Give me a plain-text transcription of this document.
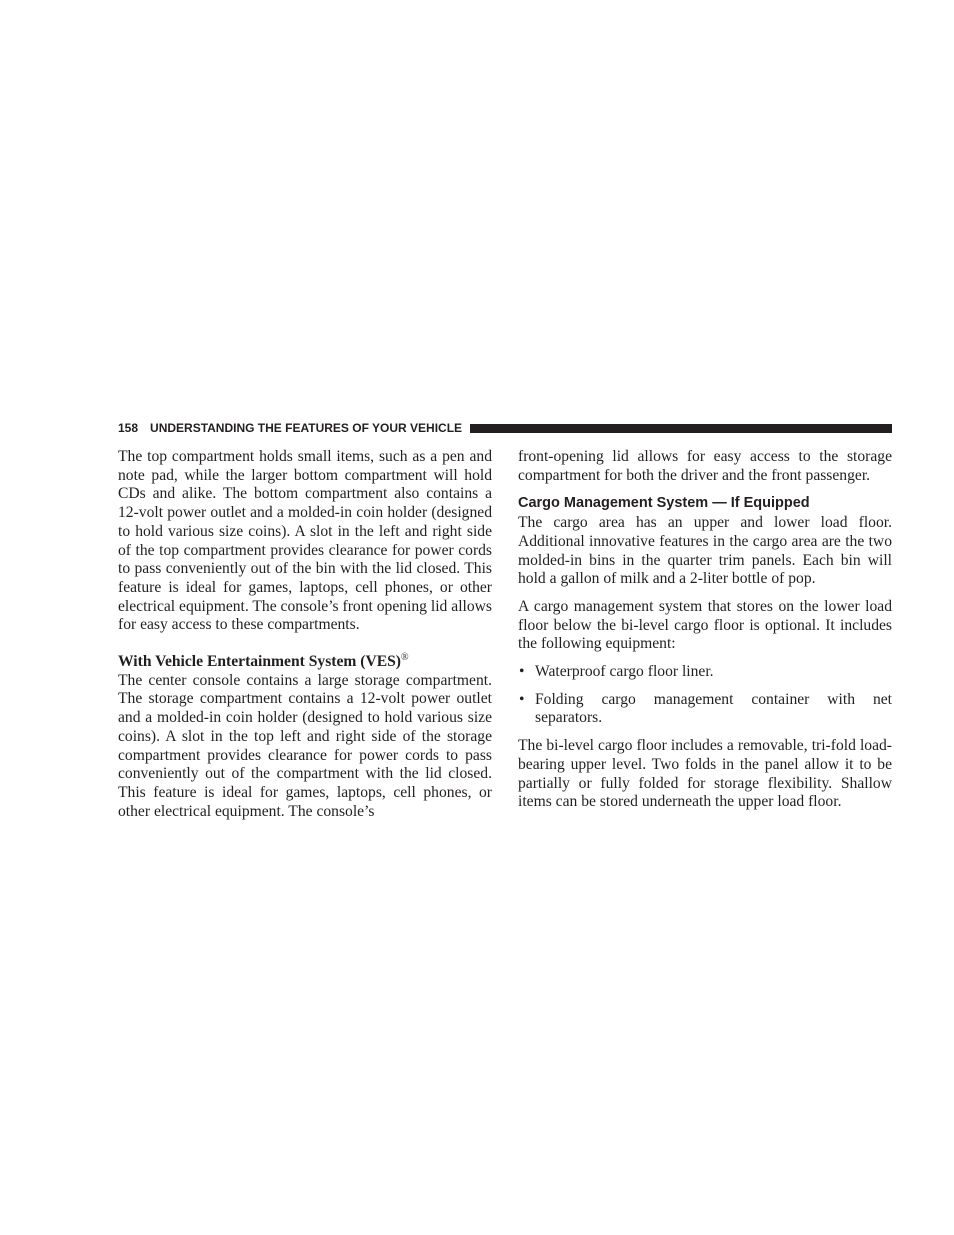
158 UNDERSTANDING THE FEATURES OF YOUR VEHICLE

The top compartment holds small items, such as a pen and note pad, while the larger bottom compartment will hold CDs and alike. The bottom compartment also contains a 12-volt power outlet and a molded-in coin holder (designed to hold various size coins). A slot in the left and right side of the top compartment provides clearance for power cords to pass conveniently out of the bin with the lid closed. This feature is ideal for games, laptops, cell phones, or other electrical equipment. The console’s front opening lid allows for easy access to these compartments.

With Vehicle Entertainment System (VES)®

The center console contains a large storage compartment. The storage compartment contains a 12-volt power outlet and a molded-in coin holder (designed to hold various size coins). A slot in the top left and right side of the storage compartment provides clearance for power cords to pass conveniently out of the compartment with the lid closed. This feature is ideal for games, laptops, cell phones, or other electrical equipment. The console’s

front-opening lid allows for easy access to the storage compartment for both the driver and the front passenger.

Cargo Management System — If Equipped

The cargo area has an upper and lower load floor. Additional innovative features in the cargo area are the two molded-in bins in the quarter trim panels. Each bin will hold a gallon of milk and a 2-liter bottle of pop.

A cargo management system that stores on the lower load floor below the bi-level cargo floor is optional. It includes the following equipment:

• Waterproof cargo floor liner.
• Folding cargo management container with net separators.

The bi-level cargo floor includes a removable, tri-fold load-bearing upper level. Two folds in the panel allow it to be partially or fully folded for storage flexibility. Shallow items can be stored underneath the upper load floor.
